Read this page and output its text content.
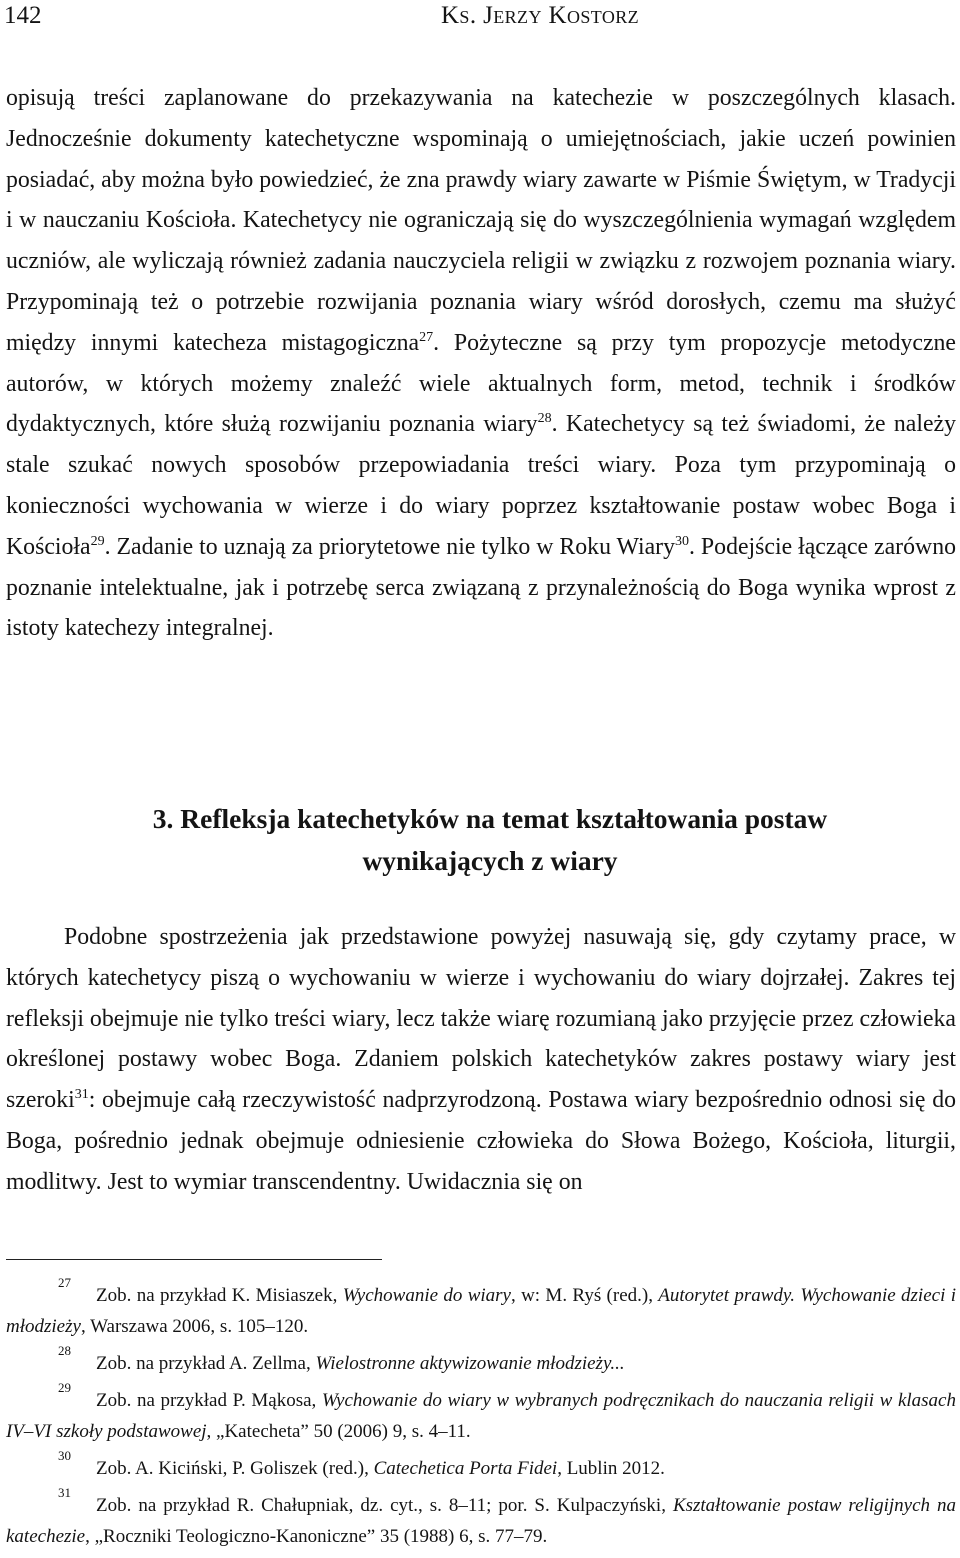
142	Ks. Jerzy Kostorz

opisują treści zaplanowane do przekazywania na katechezie w poszczególnych klasach. Jednocześnie dokumenty katechetyczne wspominają o umiejętnościach, jakie uczeń powinien posiadać, aby można było powiedzieć, że zna prawdy wiary zawarte w Piśmie Świętym, w Tradycji i w nauczaniu Kościoła. Katechetycy nie ograniczają się do wyszczególnienia wymagań względem uczniów, ale wyliczają również zadania nauczyciela religii w związku z rozwojem poznania wiary. Przypominają też o potrzebie rozwijania poznania wiary wśród dorosłych, czemu ma służyć między innymi katecheza mistagogiczna$^{27}$. Pożyteczne są przy tym propozycje metodyczne autorów, w których możemy znaleźć wiele aktualnych form, metod, technik i środków dydaktycznych, które służą rozwijaniu poznania wiary$^{28}$. Katechetycy są też świadomi, że należy stale szukać nowych sposobów przepowiadania treści wiary. Poza tym przypominają o konieczności wychowania w wierze i do wiary poprzez kształtowanie postaw wobec Boga i Kościoła$^{29}$. Zadanie to uznają za priorytetowe nie tylko w Roku Wiary$^{30}$. Podejście łączące zarówno poznanie intelektualne, jak i potrzebę serca związaną z przynależnością do Boga wynika wprost z istoty katechezy integralnej.

3. Refleksja katechetyków na temat kształtowania postaw
wynikających z wiary

Podobne spostrzeżenia jak przedstawione powyżej nasuwają się, gdy czytamy prace, w których katechetycy piszą o wychowaniu w wierze i wychowaniu do wiary dojrzałej. Zakres tej refleksji obejmuje nie tylko treści wiary, lecz także wiarę rozumianą jako przyjęcie przez człowieka określonej postawy wobec Boga. Zdaniem polskich katechetyków zakres postawy wiary jest szeroki$^{31}$: obejmuje całą rzeczywistość nadprzyrodzoną. Postawa wiary bezpośrednio odnosi się do Boga, pośrednio jednak obejmuje odniesienie człowieka do Słowa Bożego, Kościoła, liturgii, modlitwy. Jest to wymiar transcendentny. Uwidacznia się on

27
Zob. na przykład K. Misiaszek, Wychowanie do wiary, w: M. Ryś (red.), Autorytet prawdy. Wychowanie dzieci i młodzieży, Warszawa 2006, s. 105–120.

28
Zob. na przykład A. Zellma, Wielostronne aktywizowanie młodzieży...

29
Zob. na przykład P. Mąkosa, Wychowanie do wiary w wybranych podręcznikach do nauczania religii w klasach IV–VI szkoły podstawowej, „Katecheta” 50 (2006) 9, s. 4–11.

30
Zob. A. Kiciński, P. Goliszek (red.), Catechetica Porta Fidei, Lublin 2012.

31
Zob. na przykład R. Chałupniak, dz. cyt., s. 8–11; por. S. Kulpaczyński, Kształtowanie postaw religijnych na katechezie, „Roczniki Teologiczno-Kanoniczne” 35 (1988) 6, s. 77–79.
